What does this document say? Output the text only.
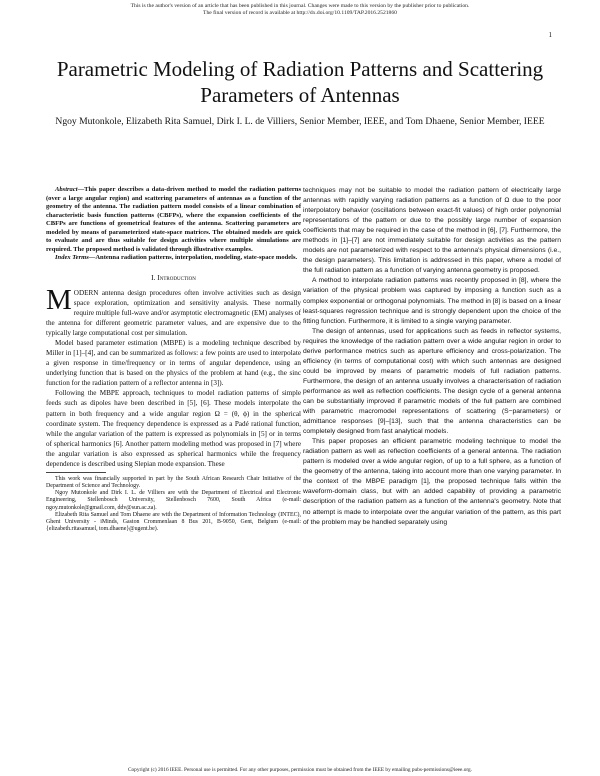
This is the author's version of an article that has been published in this journal. Changes were made to this version by the publisher prior to publication.
The final version of record is available at http://dx.doi.org/10.1109/TAP.2016.2521860
1
Parametric Modeling of Radiation Patterns and Scattering Parameters of Antennas
Ngoy Mutonkole, Elizabeth Rita Samuel, Dirk I. L. de Villiers, Senior Member, IEEE, and Tom Dhaene, Senior Member, IEEE

Abstract—This paper describes a data-driven method to model the radiation patterns (over a large angular region) and scattering parameters of antennas as a function of the geometry of the antenna. The radiation pattern model consists of a linear combination of characteristic basis function patterns (CBFPs), where the expansion coefficients of the CBFPs are functions of geometrical features of the antenna. Scattering parameters are modeled by means of parameterized state-space matrices. The obtained models are quick to evaluate and are thus suitable for design activities where multiple simulations are required. The proposed method is validated through illustrative examples.

Index Terms—Antenna radiation patterns, interpolation, modeling, state-space models.

I. Introduction

MODERN antenna design procedures often involve activities such as design space exploration, optimization and sensitivity analysis. These normally require multiple full-wave and/or asymptotic electromagnetic (EM) analyses of the antenna for different geometric parameter values, and are expensive due to the typically large computational cost per simulation.

Model based parameter estimation (MBPE) is a modeling technique described by Miller in [1]–[4], and can be summarized as follows: a few points are used to interpolate a given response in time/frequency or in terms of angular dependence, using an underlying function that is based on the physics of the problem at hand (e.g., the sinc function for the radiation pattern of a reflector antenna in [3]).

Following the MBPE approach, techniques to model radiation patterns of simple feeds such as dipoles have been described in [5], [6]. These models interpolate the pattern in both frequency and a wide angular region Ω = (θ, ϕ) in the spherical coordinate system. The frequency dependence is expressed as a Padé rational function, while the angular variation of the pattern is expressed as polynomials in [5] or in terms of spherical harmonics [6]. Another pattern modeling method was proposed in [7] where the angular variation is also expressed as spherical harmonics while the frequency dependence is described using Slepian mode expansion. These

This work was financially supported in part by the South African Research Chair Initiative of the Department of Science and Technology.

Ngoy Mutonkole and Dirk I. L. de Villiers are with the Department of Electrical and Electronic Engineering, Stellenbosch University, Stellenbosch 7600, South Africa (e-mail: ngoy.mutonkole@gmail.com, ddv@sun.ac.za).

Elizabeth Rita Samuel and Tom Dhaene are with the Department of Information Technology (INTEC), Ghent University - iMinds, Gaston Crommenlaan 8 Bus 201, B-9050, Gent, Belgium (e-mail: {elizabeth.ritasamuel, tom.dhaene}@ugent.be).

techniques may not be suitable to model the radiation pattern of electrically large antennas with rapidly varying radiation patterns as a function of Ω due to the poor interpolatory behavior (oscillations between exact-fit values) of high order polynomial representations of the pattern or due to the possibly large number of expansion coefficients that may be required in the case of the method in [6], [7]. Furthermore, the methods in [1]–[7] are not immediately suitable for design activities as the pattern models are not parameterized with respect to the antenna's physical dimensions (i.e., the design parameters). This limitation is addressed in this paper, where a model of the full radiation pattern as a function of varying antenna geometry is proposed.

A method to interpolate radiation patterns was recently proposed in [8], where the variation of the physical problem was captured by imposing a function such as a complex exponential or orthogonal polynomials. The method in [8] is based on a linear least-squares regression technique and is strongly dependent upon the choice of the fitting function. Furthermore, it is limited to a single varying parameter.

The design of antennas, used for applications such as feeds in reflector systems, requires the knowledge of the radiation pattern over a wide angular region in order to derive performance metrics such as aperture efficiency and cross-polarization. The efficiency (in terms of computational cost) with which such antennas are designed could be improved by means of parametric models of full radiation patterns. Furthermore, the design of an antenna usually involves a characterisation of radiation performance as well as reflection coefficients. The design cycle of a general antenna can be substantially improved if parametric models of the full pattern are combined with parametric macromodel representations of scattering (S−parameters) or admittance responses [9]–[13], such that the antenna characteristics can be completely designed from fast analytical models.

This paper proposes an efficient parametric modeling technique to model the radiation pattern as well as reflection coefficients of a general antenna. The radiation pattern is modeled over a wide angular region, of up to a full sphere, as a function of the geometry of the antenna, taking into account more than one varying parameter. In the context of the MBPE paradigm [1], the proposed technique falls within the waveform-domain class, but with an added capability of providing a parametric description of the radiation pattern as a function of the antenna's geometry. Note that no attempt is made to interpolate over the angular variation of the pattern, as this part of the problem may be handled separately using

Copyright (c) 2016 IEEE. Personal use is permitted. For any other purposes, permission must be obtained from the IEEE by emailing pubs-permissions@ieee.org.
